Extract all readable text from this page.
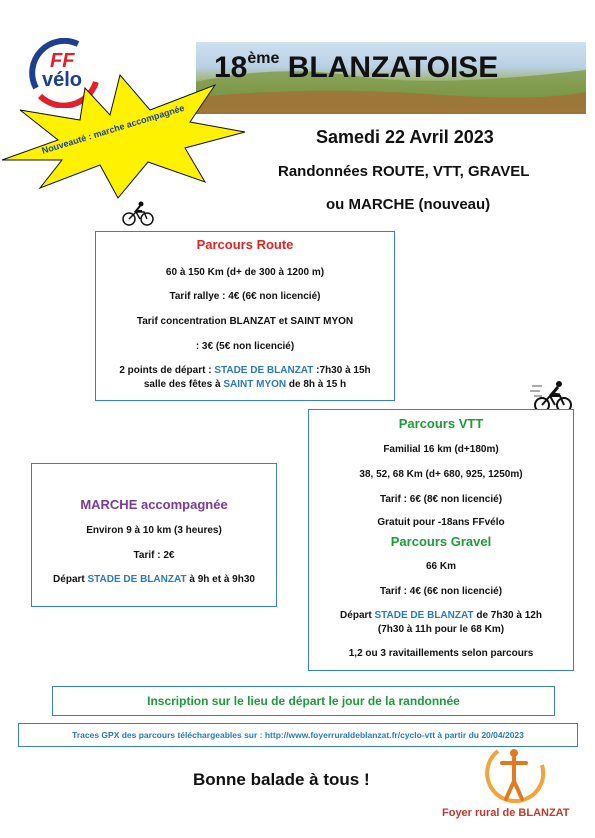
FF
vélo	18ème BLANZATOISE
Nouveauté : marche accompagnée	Samedi 22 Avril 2023
Randonnées ROUTE, VTT, GRAVEL
ou MARCHE (nouveau)
Parcours Route
60 à 150 Km (d+ de 300 à 1200 m)
Tarif rallye : 4€ (6€ non licencié)
Tarif concentration BLANZAT et SAINT MYON
: 3€ (5€ non licencié)
2 points de départ : STADE DE BLANZAT :7h30 à 15h
salle des fêtes à SAINT MYON de 8h à 15 h
Parcours VTT
Familial 16 km (d+180m)
38, 52, 68 Km (d+ 680, 925, 1250m)
Tarif : 6€ (8€ non licencié)
Gratuit pour -18ans FFvélo
Parcours Gravel
66 Km
Tarif : 4€ (6€ non licencié)
Départ STADE DE BLANZAT de 7h30 à 12h
(7h30 à 11h pour le 68 Km)
1,2 ou 3 ravitaillements selon parcours
MARCHE accompagnée
Environ 9 à 10 km (3 heures)
Tarif : 2€
Départ STADE DE BLANZAT à 9h et à 9h30
Inscription sur le lieu de départ le jour de la randonnée
Traces GPX des parcours téléchargeables sur : http://www.foyerruraldeblanzat.fr/cyclo-vtt à partir du 20/04/2023
Bonne balade à tous !
Foyer rural de BLANZAT
